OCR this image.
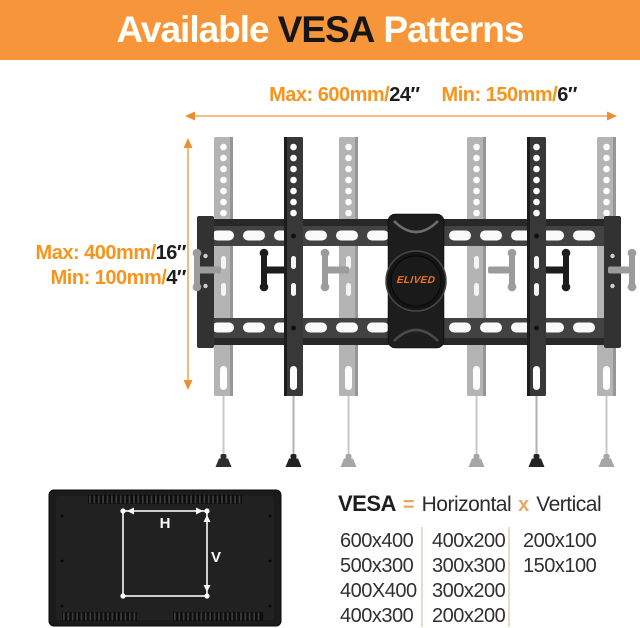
Available VESA Patterns
Max: 600mm/24″ Min: 150mm/6″
Max: 400mm/16″
Min: 100mm/4″	ELIVED
H
V
VESA = Horizontal x Vertical
600x400
500x300
400X400
400x300
400x200
300x300
300x200
200x200
200x100
150x100
